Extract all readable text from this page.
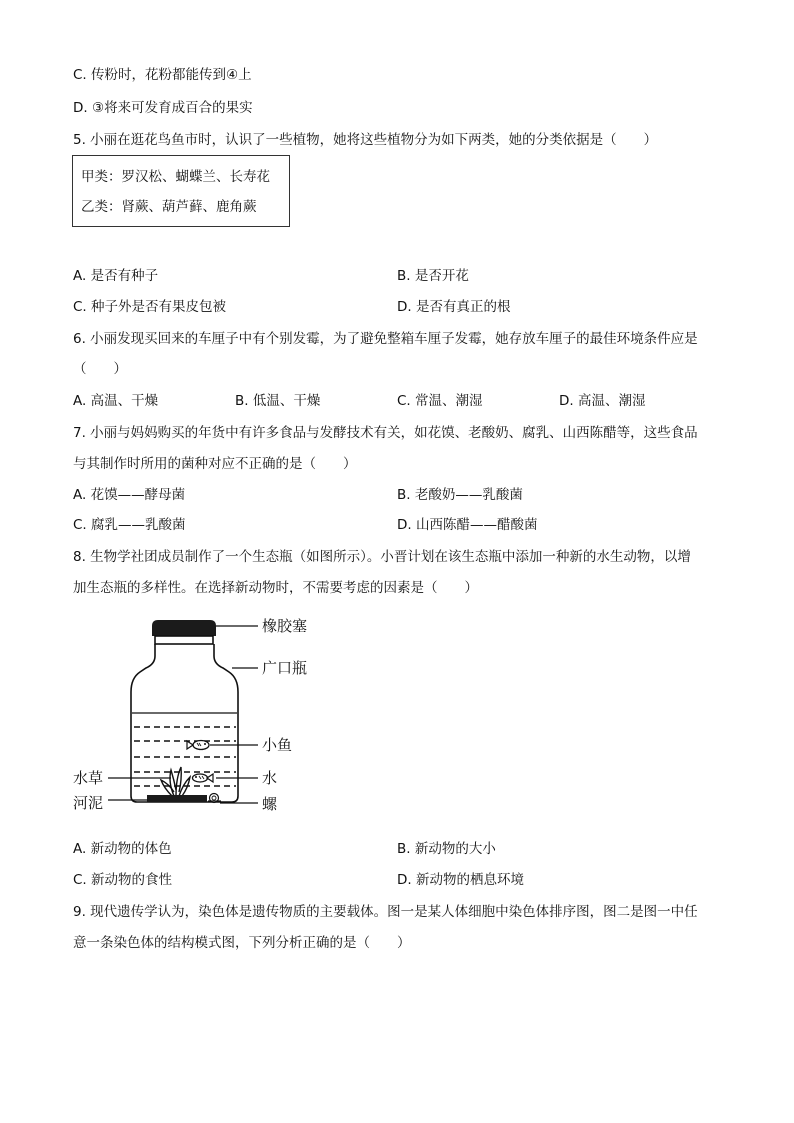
C. 传粉时，花粉都能传到④上
D. ③将来可发育成百合的果实
5. 小丽在逛花鸟鱼市时，认识了一些植物，她将这些植物分为如下两类，她的分类依据是（　　）
甲类：罗汉松、蝴蝶兰、长寿花
乙类：肾蕨、葫芦藓、鹿角蕨
A. 是否有种子	B. 是否开花
C. 种子外是否有果皮包被	D. 是否有真正的根
6. 小丽发现买回来的车厘子中有个别发霉，为了避免整箱车厘子发霉，她存放车厘子的最佳环境条件应是
（　　）
A. 高温、干燥	B. 低温、干燥	C. 常温、潮湿	D. 高温、潮湿
7. 小丽与妈妈购买的年货中有许多食品与发酵技术有关，如花馍、老酸奶、腐乳、山西陈醋等，这些食品
与其制作时所用的菌种对应不正确的是（　　）
A. 花馍——酵母菌	B. 老酸奶——乳酸菌
C. 腐乳——乳酸菌	D. 山西陈醋——醋酸菌
8. 生物学社团成员制作了一个生态瓶（如图所示）。小晋计划在该生态瓶中添加一种新的水生动物，以增
加生态瓶的多样性。在选择新动物时，不需要考虑的因素是（　　）
橡胶塞
广口瓶
小鱼
水
螺
水草
河泥
A. 新动物的体色	B. 新动物的大小
C. 新动物的食性	D. 新动物的栖息环境
9. 现代遗传学认为，染色体是遗传物质的主要载体。图一是某人体细胞中染色体排序图，图二是图一中任
意一条染色体的结构模式图，下列分析正确的是（　　）
